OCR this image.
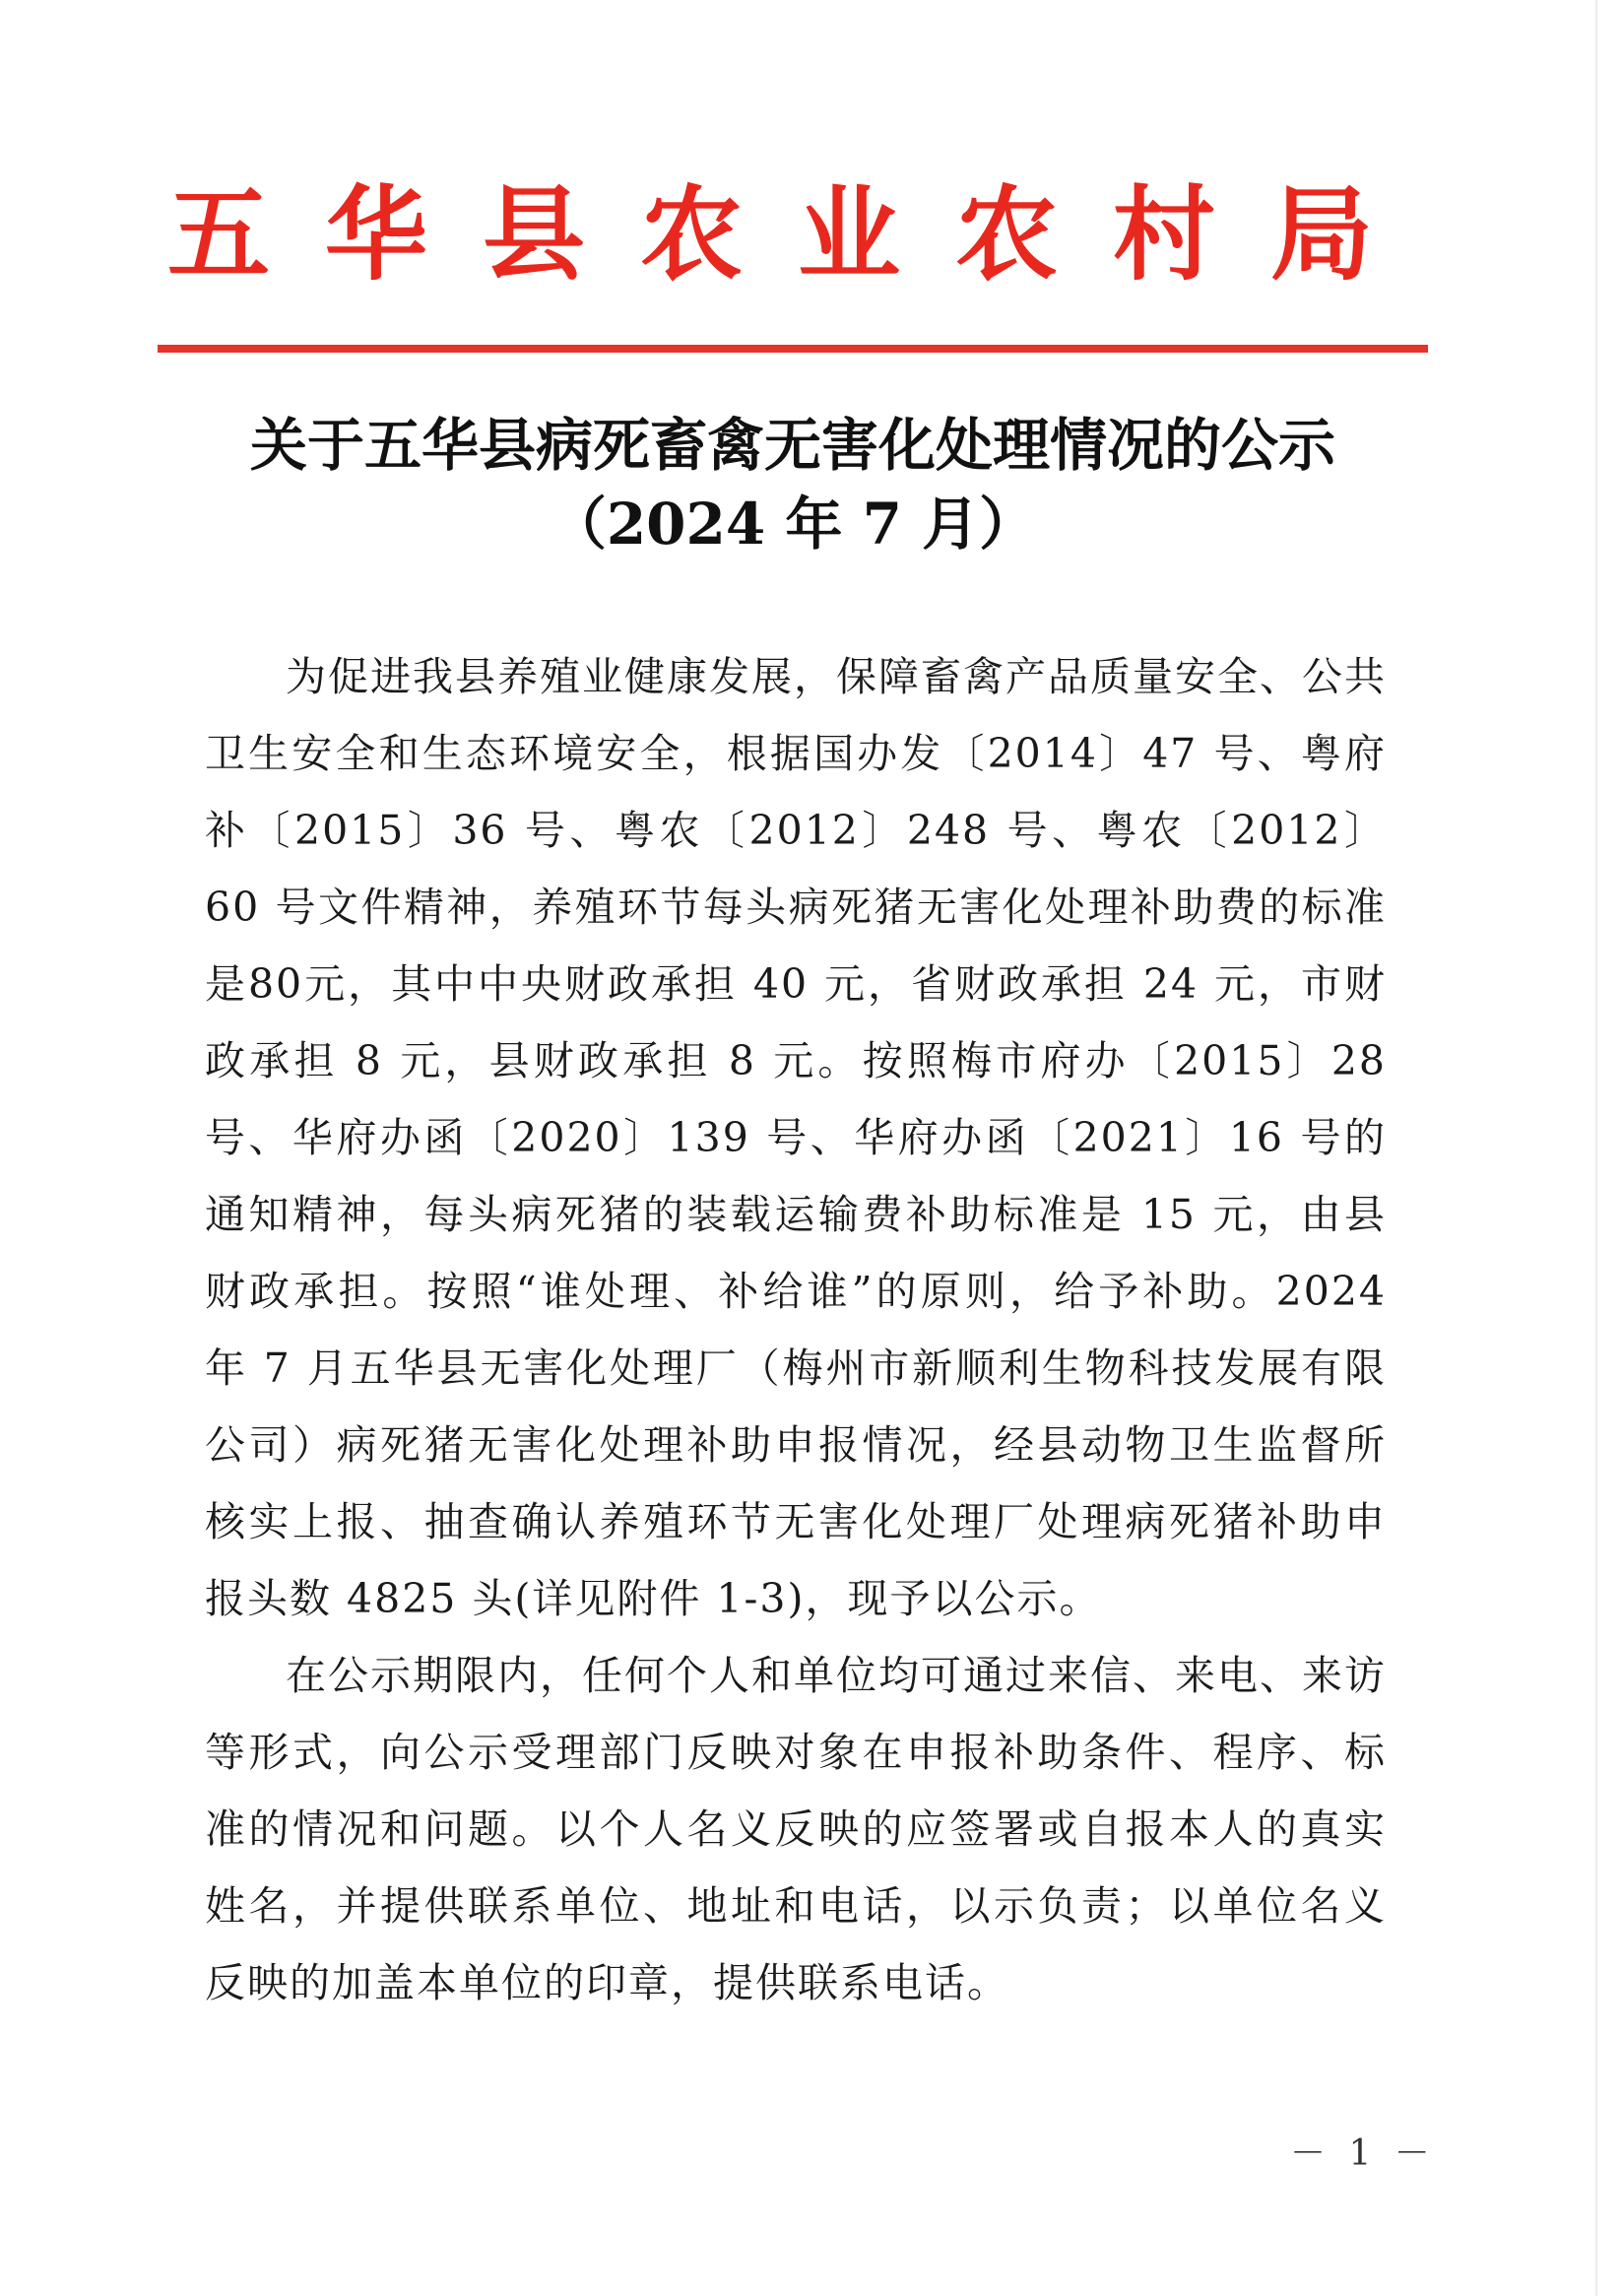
五华县农业农村局
关于五华县病死畜禽无害化处理情况的公示
（2024 年 7 月）

为促进我县养殖业健康发展，保障畜禽产品质量安全、公共卫生安全和生态环境安全，根据国办发〔2014〕47 号、粤府补〔2015〕36 号、粤农〔2012〕248 号、粤农〔2012〕60 号文件精神，养殖环节每头病死猪无害化处理补助费的标准是80元，其中中央财政承担 40 元，省财政承担 24 元，市财政承担 8 元，县财政承担 8 元。按照梅市府办〔2015〕28 号、华府办函〔2020〕139 号、华府办函〔2021〕16 号的通知精神，每头病死猪的装载运输费补助标准是 15 元，由县财政承担。按照“谁处理、补给谁”的原则，给予补助。2024 年 7 月五华县无害化处理厂（梅州市新顺利生物科技发展有限公司）病死猪无害化处理补助申报情况，经县动物卫生监督所核实上报、抽查确认养殖环节无害化处理厂处理病死猪补助申报头数 4825 头(详见附件 1-3)，现予以公示。

在公示期限内，任何个人和单位均可通过来信、来电、来访等形式，向公示受理部门反映对象在申报补助条件、程序、标准的情况和问题。以个人名义反映的应签署或自报本人的真实姓名，并提供联系单位、地址和电话，以示负责；以单位名义反映的加盖本单位的印章，提供联系电话。

－ 1 －
